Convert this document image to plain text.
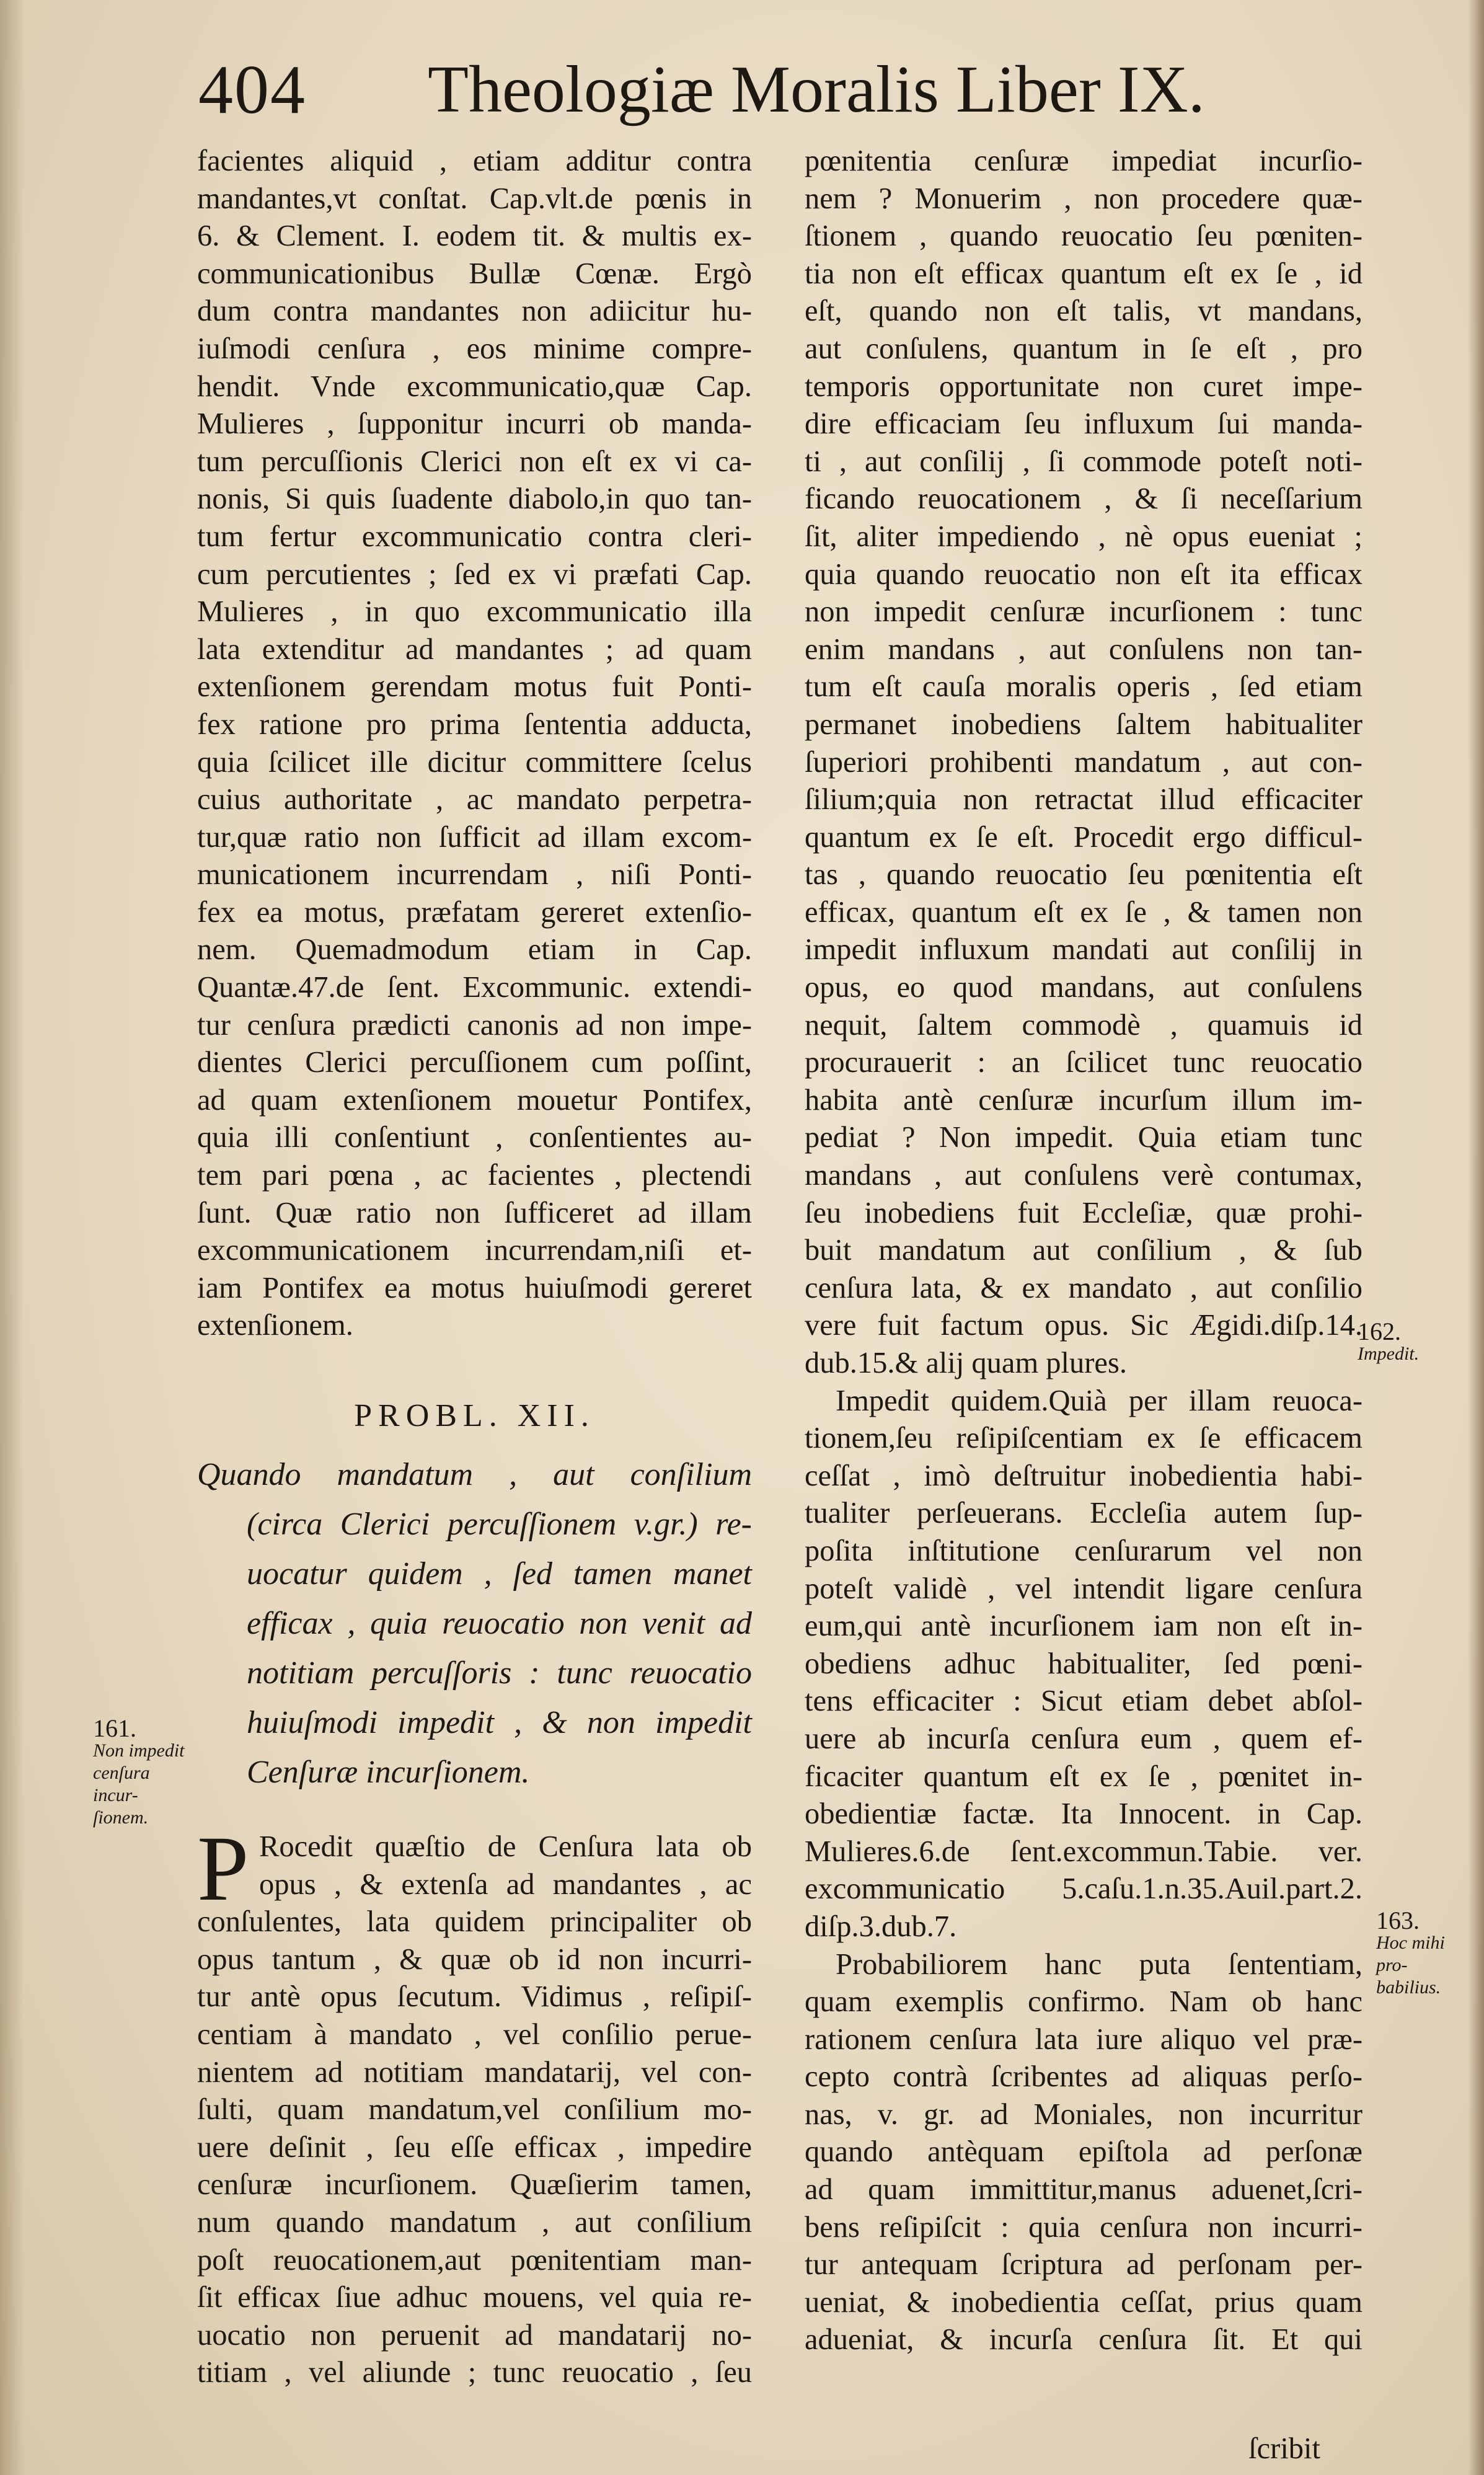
404 Theologiæ Moralis Liber IX.
facientes aliquid , etiam additur contra
mandantes,vt conſtat. Cap.vlt.de pœnis in
6. & Clement. I. eodem tit. & multis ex-
communicationibus Bullæ Cœnæ. Ergò
dum contra mandantes non adiicitur hu-
iuſmodi cenſura , eos minime compre-
hendit. Vnde excommunicatio,quæ Cap.
Mulieres , ſupponitur incurri ob manda-
tum percuſſionis Clerici non eſt ex vi ca-
nonis, Si quis ſuadente diabolo,in quo tan-
tum fertur excommunicatio contra cleri-
cum percutientes ; ſed ex vi præfati Cap.
Mulieres , in quo excommunicatio illa
lata extenditur ad mandantes ; ad quam
extenſionem gerendam motus fuit Ponti-
fex ratione pro prima ſententia adducta,
quia ſcilicet ille dicitur committere ſcelus
cuius authoritate , ac mandato perpetra-
tur,quæ ratio non ſufficit ad illam excom-
municationem incurrendam , niſi Ponti-
fex ea motus, præfatam gereret extenſio-
nem. Quemadmodum etiam in Cap.
Quantæ.47.de ſent. Excommunic. extendi-
tur cenſura prædicti canonis ad non impe-
dientes Clerici percuſſionem cum poſſint,
ad quam extenſionem mouetur Pontifex,
quia illi conſentiunt , conſentientes au-
tem pari pœna , ac facientes , plectendi
ſunt. Quæ ratio non ſufficeret ad illam
excommunicationem incurrendam,niſi et-
iam Pontifex ea motus huiuſmodi gereret
extenſionem.
PROBL. XII.
Quando mandatum , aut conſilium
(circa Clerici percuſſionem v.gr.) re-
uocatur quidem , ſed tamen manet
efficax , quia reuocatio non venit ad
notitiam percuſſoris : tunc reuocatio
huiuſmodi impedit , & non impedit
Cenſuræ incurſionem.
P Rocedit quæſtio de Cenſura lata ob
opus , & extenſa ad mandantes , ac
conſulentes, lata quidem principaliter ob
opus tantum , & quæ ob id non incurri-
tur antè opus ſecutum. Vidimus , reſipiſ-
centiam à mandato , vel conſilio perue-
nientem ad notitiam mandatarij, vel con-
ſulti, quam mandatum,vel conſilium mo-
uere deſinit , ſeu eſſe efficax , impedire
cenſuræ incurſionem. Quæſierim tamen,
num quando mandatum , aut conſilium
poſt reuocationem,aut pœnitentiam man-
ſit efficax ſiue adhuc mouens, vel quia re-
uocatio non peruenit ad mandatarij no-
titiam , vel aliunde ; tunc reuocatio , ſeu
pœnitentia cenſuræ impediat incurſio-
nem ? Monuerim , non procedere quæ-
ſtionem , quando reuocatio ſeu pœniten-
tia non eſt efficax quantum eſt ex ſe , id
eſt, quando non eſt talis, vt mandans,
aut conſulens, quantum in ſe eſt , pro
temporis opportunitate non curet impe-
dire efficaciam ſeu influxum ſui manda-
ti , aut conſilij , ſi commode poteſt noti-
ficando reuocationem , & ſi neceſſarium
ſit, aliter impediendo , nè opus eueniat ;
quia quando reuocatio non eſt ita efficax
non impedit cenſuræ incurſionem : tunc
enim mandans , aut conſulens non tan-
tum eſt cauſa moralis operis , ſed etiam
permanet inobediens ſaltem habitualiter
ſuperiori prohibenti mandatum , aut con-
ſilium;quia non retractat illud efficaciter
quantum ex ſe eſt. Procedit ergo difficul-
tas , quando reuocatio ſeu pœnitentia eſt
efficax, quantum eſt ex ſe , & tamen non
impedit influxum mandati aut conſilij in
opus, eo quod mandans, aut conſulens
nequit, ſaltem commodè , quamuis id
procurauerit : an ſcilicet tunc reuocatio
habita antè cenſuræ incurſum illum im-
pediat ? Non impedit. Quia etiam tunc
mandans , aut conſulens verè contumax,
ſeu inobediens fuit Eccleſiæ, quæ prohi-
buit mandatum aut conſilium , & ſub
cenſura lata, & ex mandato , aut conſilio
vere fuit factum opus. Sic Ægidi.diſp.14.
dub.15.& alij quam plures.
Impedit quidem.Quià per illam reuoca-
tionem,ſeu reſipiſcentiam ex ſe efficacem
ceſſat , imò deſtruitur inobedientia habi-
tualiter perſeuerans. Eccleſia autem ſup-
poſita inſtitutione cenſurarum vel non
poteſt validè , vel intendit ligare cenſura
eum,qui antè incurſionem iam non eſt in-
obediens adhuc habitualiter, ſed pœni-
tens efficaciter : Sicut etiam debet abſol-
uere ab incurſa cenſura eum , quem ef-
ficaciter quantum eſt ex ſe , pœnitet in-
obedientiæ factæ. Ita Innocent. in Cap.
Mulieres.6.de ſent.excommun.Tabie. ver.
excommunicatio 5.caſu.1.n.35.Auil.part.2.
diſp.3.dub.7.
Probabiliorem hanc puta ſententiam,
quam exemplis confirmo. Nam ob hanc
rationem cenſura lata iure aliquo vel præ-
cepto contrà ſcribentes ad aliquas perſo-
nas, v. gr. ad Moniales, non incurritur
quando antèquam epiſtola ad perſonæ
ad quam immittitur,manus aduenet,ſcri-
bens reſipiſcit : quia cenſura non incurri-
tur antequam ſcriptura ad perſonam per-
ueniat, & inobedientia ceſſat, prius quam
adueniat, & incurſa cenſura ſit. Et qui
ſcribit
161.
Non impedit
cenſura incur-
ſionem.
162.
Impedit.
163.
Hoc mihi pro-
babilius.
